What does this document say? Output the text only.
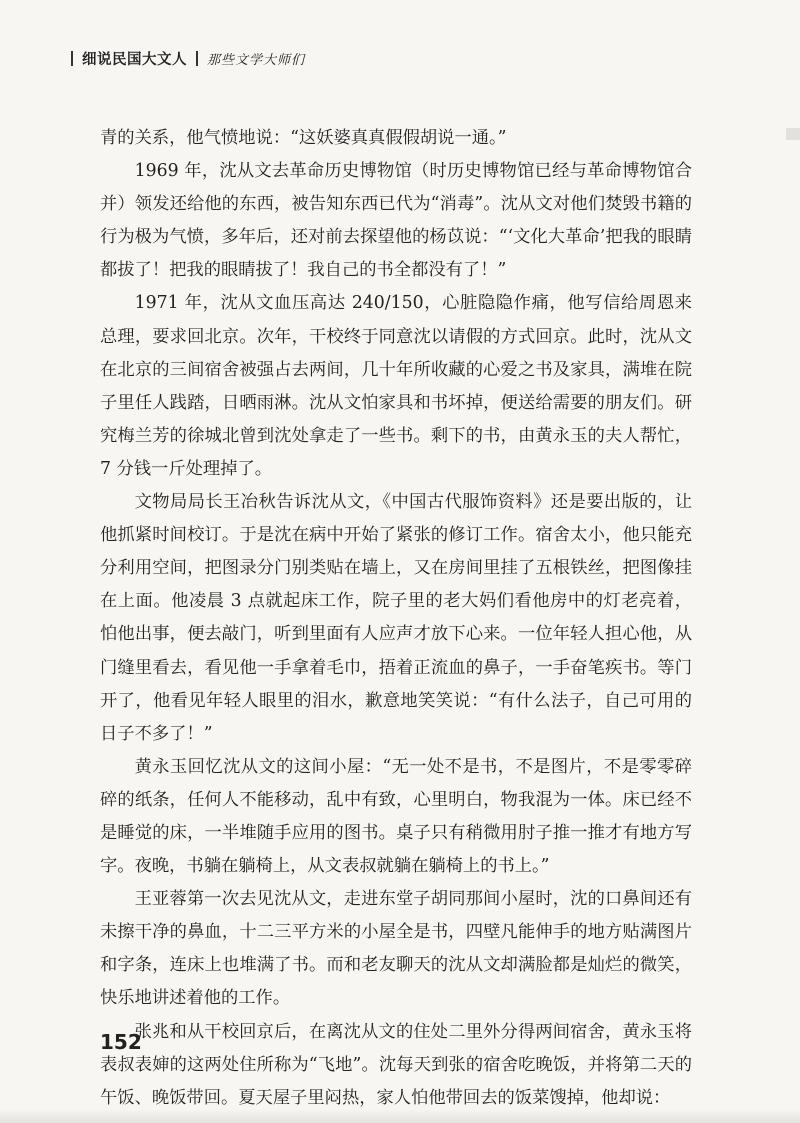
细说民国大文人 那些文学大师们

青的关系，他气愤地说：“这妖婆真真假假胡说一通。”

1969 年，沈从文去革命历史博物馆（时历史博物馆已经与革命博物馆合并）领发还给他的东西，被告知东西已代为“消毒”。沈从文对他们焚毁书籍的行为极为气愤，多年后，还对前去探望他的杨苡说：“‘文化大革命’把我的眼睛都拔了！把我的眼睛拔了！我自己的书全都没有了！”

1971 年，沈从文血压高达 240/150，心脏隐隐作痛，他写信给周恩来总理，要求回北京。次年，干校终于同意沈以请假的方式回京。此时，沈从文在北京的三间宿舍被强占去两间，几十年所收藏的心爱之书及家具，满堆在院子里任人践踏，日晒雨淋。沈从文怕家具和书坏掉，便送给需要的朋友们。研究梅兰芳的徐城北曾到沈处拿走了一些书。剩下的书，由黄永玉的夫人帮忙，7 分钱一斤处理掉了。

文物局局长王冶秋告诉沈从文，《中国古代服饰资料》还是要出版的，让他抓紧时间校订。于是沈在病中开始了紧张的修订工作。宿舍太小，他只能充分利用空间，把图录分门别类贴在墙上，又在房间里挂了五根铁丝，把图像挂在上面。他凌晨 3 点就起床工作，院子里的老大妈们看他房中的灯老亮着，怕他出事，便去敲门，听到里面有人应声才放下心来。一位年轻人担心他，从门缝里看去，看见他一手拿着毛巾，捂着正流血的鼻子，一手奋笔疾书。等门开了，他看见年轻人眼里的泪水，歉意地笑笑说：“有什么法子，自己可用的日子不多了！”

黄永玉回忆沈从文的这间小屋：“无一处不是书，不是图片，不是零零碎碎的纸条，任何人不能移动，乱中有致，心里明白，物我混为一体。床已经不是睡觉的床，一半堆随手应用的图书。桌子只有稍微用肘子推一推才有地方写字。夜晚，书躺在躺椅上，从文表叔就躺在躺椅上的书上。”

王亚蓉第一次去见沈从文，走进东堂子胡同那间小屋时，沈的口鼻间还有未擦干净的鼻血，十二三平方米的小屋全是书，四壁凡能伸手的地方贴满图片和字条，连床上也堆满了书。而和老友聊天的沈从文却满脸都是灿烂的微笑，快乐地讲述着他的工作。

张兆和从干校回京后，在离沈从文的住处二里外分得两间宿舍，黄永玉将表叔表婶的这两处住所称为“飞地”。沈每天到张的宿舍吃晚饭，并将第二天的午饭、晚饭带回。夏天屋子里闷热，家人怕他带回去的饭菜馊掉，他却说：

152
